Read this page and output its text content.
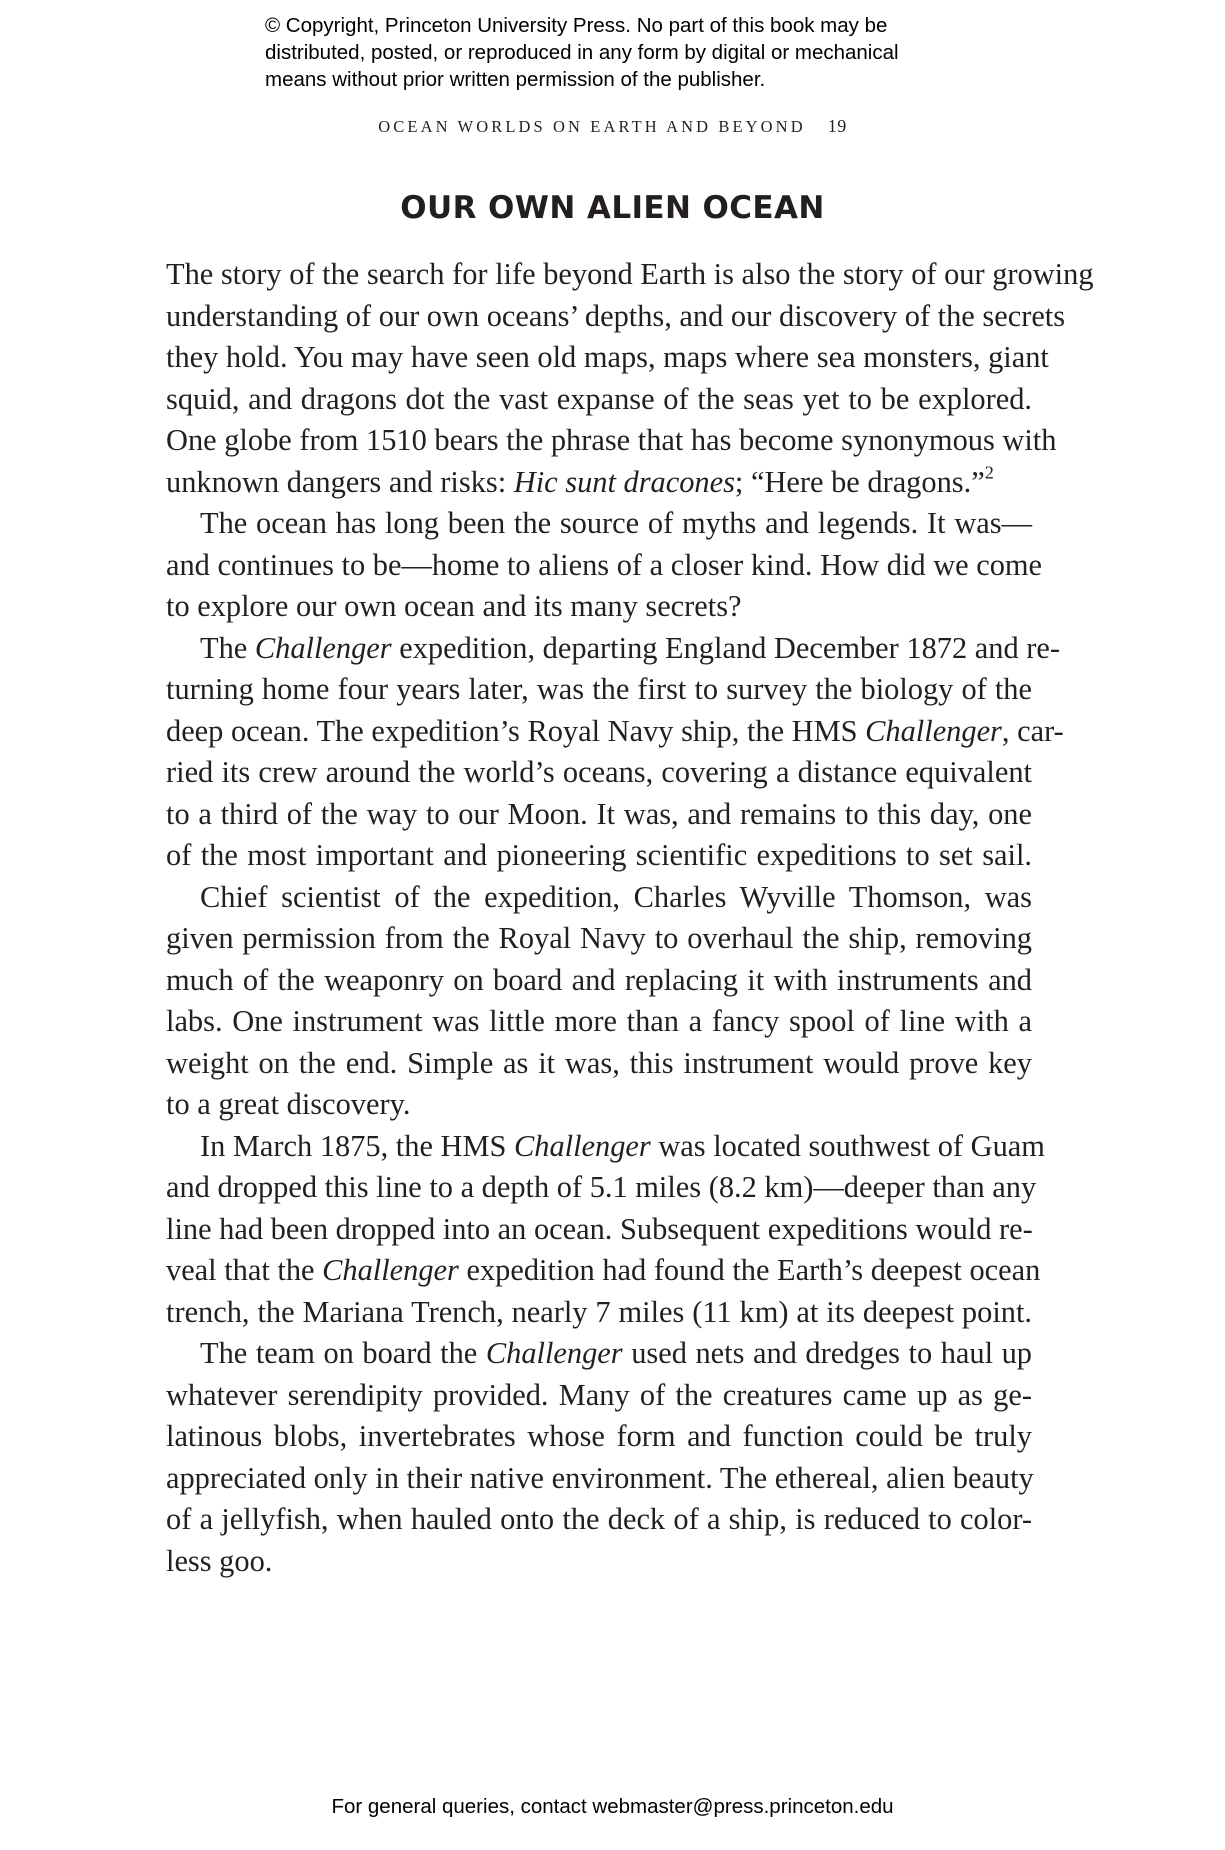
© Copyright, Princeton University Press. No part of this book may be
distributed, posted, or reproduced in any form by digital or mechanical
means without prior written permission of the publisher.
OCEAN WORLDS ON EARTH AND BEYOND 19
OUR OWN ALIEN OCEAN
The story of the search for life beyond Earth is also the story of our growing
understanding of our own oceans’ depths, and our discovery of the secrets
they hold. You may have seen old maps, maps where sea monsters, giant
squid, and dragons dot the vast expanse of the seas yet to be explored.
One globe from 1510 bears the phrase that has become synonymous with
unknown dangers and risks: Hic sunt dracones; “Here be dragons.”$^2$
The ocean has long been the source of myths and legends. It was—
and continues to be—home to aliens of a closer kind. How did we come
to explore our own ocean and its many secrets?
The Challenger expedition, departing England December 1872 and re-
turning home four years later, was the first to survey the biology of the
deep ocean. The expedition’s Royal Navy ship, the HMS Challenger, car-
ried its crew around the world’s oceans, covering a distance equivalent
to a third of the way to our Moon. It was, and remains to this day, one
of the most important and pioneering scientific expeditions to set sail.
Chief scientist of the expedition, Charles Wyville Thomson, was
given permission from the Royal Navy to overhaul the ship, removing
much of the weaponry on board and replacing it with instruments and
labs. One instrument was little more than a fancy spool of line with a
weight on the end. Simple as it was, this instrument would prove key
to a great discovery.
In March 1875, the HMS Challenger was located southwest of Guam
and dropped this line to a depth of 5.1 miles (8.2 km)—deeper than any
line had been dropped into an ocean. Subsequent expeditions would re-
veal that the Challenger expedition had found the Earth’s deepest ocean
trench, the Mariana Trench, nearly 7 miles (11 km) at its deepest point.
The team on board the Challenger used nets and dredges to haul up
whatever serendipity provided. Many of the creatures came up as ge-
latinous blobs, invertebrates whose form and function could be truly
appreciated only in their native environment. The ethereal, alien beauty
of a jellyfish, when hauled onto the deck of a ship, is reduced to color-
less goo.
For general queries, contact webmaster@press.princeton.edu
